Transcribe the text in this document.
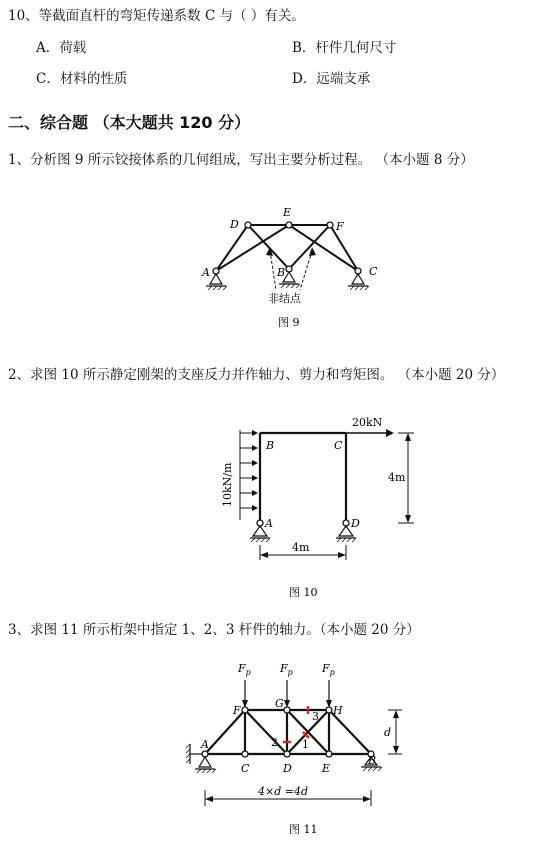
10、等截面直杆的弯矩传递系数 C 与（ ）有关。
A．荷载	B．杆件几何尺寸
C．材料的性质	D．远端支承
二、综合题 （本大题共 120 分）
1、分析图 9 所示铰接体系的几何组成，写出主要分析过程。 （本小题 8 分）
D
E
F
A	B	C
非结点
图 9
2、求图 10 所示静定刚架的支座反力并作轴力、剪力和弯矩图。 （本小题 20 分）
20kN
10kN/m	4m
4m
B	C
A	D
图 10
3、求图 11 所示桁架中指定 1、2、3 杆件的轴力。（本小题 20 分）
$F_p$	$F_p$	$F_p$
2 1
3
d
4×d =4d
F
G
H
A
C	D	E
B
图 11
